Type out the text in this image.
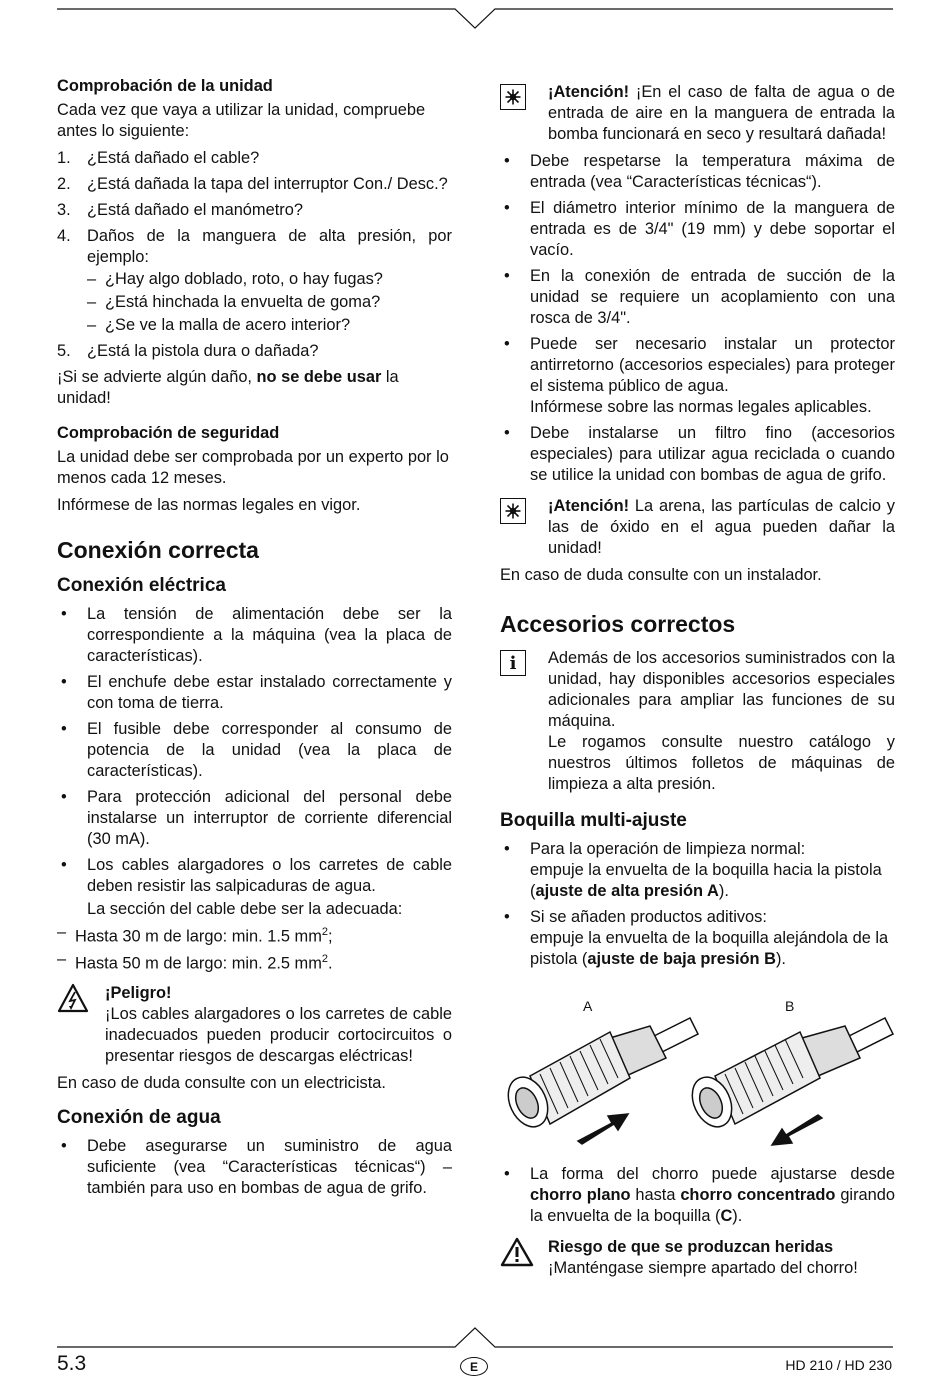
Comprobación de la unidad

Cada vez que vaya a utilizar la unidad, compruebe antes lo siguiente:

1. ¿Está dañado el cable?
2. ¿Está dañada la tapa del interruptor Con./ Desc.?
3. ¿Está dañado el manómetro?
4. Daños de la manguera de alta presión, por ejemplo:
– ¿Hay algo doblado, roto, o hay fugas?
– ¿Está hinchada la envuelta de goma?
– ¿Se ve la malla de acero interior?
5. ¿Está la pistola dura o dañada?

¡Si se advierte algún daño, no se debe usar la unidad!

Comprobación de seguridad

La unidad debe ser comprobada por un experto por lo menos cada 12 meses.

Infórmese de las normas legales en vigor.

Conexión correcta
Conexión eléctrica
•	La tensión de alimentación debe ser la correspondiente a la máquina (vea la placa de características).
•	El enchufe debe estar instalado correctamente y con toma de tierra.
•	El fusible debe corresponder al consumo de potencia de la unidad (vea la placa de características).
•	Para protección adicional del personal debe instalarse un interruptor de corriente diferencial (30 mA).
•	Los cables alargadores o los carretes de cable deben resistir las salpicaduras de agua.

La sección del cable debe ser la adecuada:

– Hasta 30 m de largo: min. 1.5 $mm^2$;
– Hasta 50 m de largo: min. 2.5 $mm^2$.
¡Peligro!
¡Los cables alargadores o los carretes de cable inadecuados pueden producir cortocircuitos o presentar riesgos de descargas eléctricas!

En caso de duda consulte con un electricista.

Conexión de agua
•	Debe asegurarse un suministro de agua suficiente (vea “Características técnicas“) – también para uso en bombas de agua de grifo.
¡Atención! ¡En el caso de falta de agua o de entrada de aire en la manguera de entrada la bomba funcionará en seco y resultará dañada!
•	Debe respetarse la temperatura máxima de entrada (vea “Características técnicas“).
•	El diámetro interior mínimo de la manguera de entrada es de 3/4" (19 mm) y debe soportar el vacío.
•	En la conexión de entrada de succión de la unidad se requiere un acoplamiento con una rosca de 3/4".
•	Puede ser necesario instalar un protector antirretorno (accesorios especiales) para proteger el sistema público de agua.
Infórmese sobre las normas legales aplicables.
•	Debe instalarse un filtro fino (accesorios especiales) para utilizar agua reciclada o cuando se utilice la unidad con bombas de agua de grifo.
¡Atención! La arena, las partículas de calcio y las de óxido en el agua pueden dañar la unidad!

En caso de duda consulte con un instalador.

Accesorios correctos
i	Además de los accesorios suministrados con la unidad, hay disponibles accesorios especiales adicionales para ampliar las funciones de su máquina.
Le rogamos consulte nuestro catálogo y nuestros últimos folletos de máquinas de limpieza a alta presión.
Boquilla multi-ajuste
•	Para la operación de limpieza normal:
empuje la envuelta de la boquilla hacia la pistola (ajuste de alta presión A).
•	Si se añaden productos aditivos:
empuje la envuelta de la boquilla alejándola de la pistola (ajuste de baja presión B).
A	B
•	La forma del chorro puede ajustarse desde chorro plano hasta chorro concentrado girando la envuelta de la boquilla (C).
Riesgo de que se produzcan heridas
¡Manténgase siempre apartado del chorro!
5.3	E	HD 210 / HD 230
